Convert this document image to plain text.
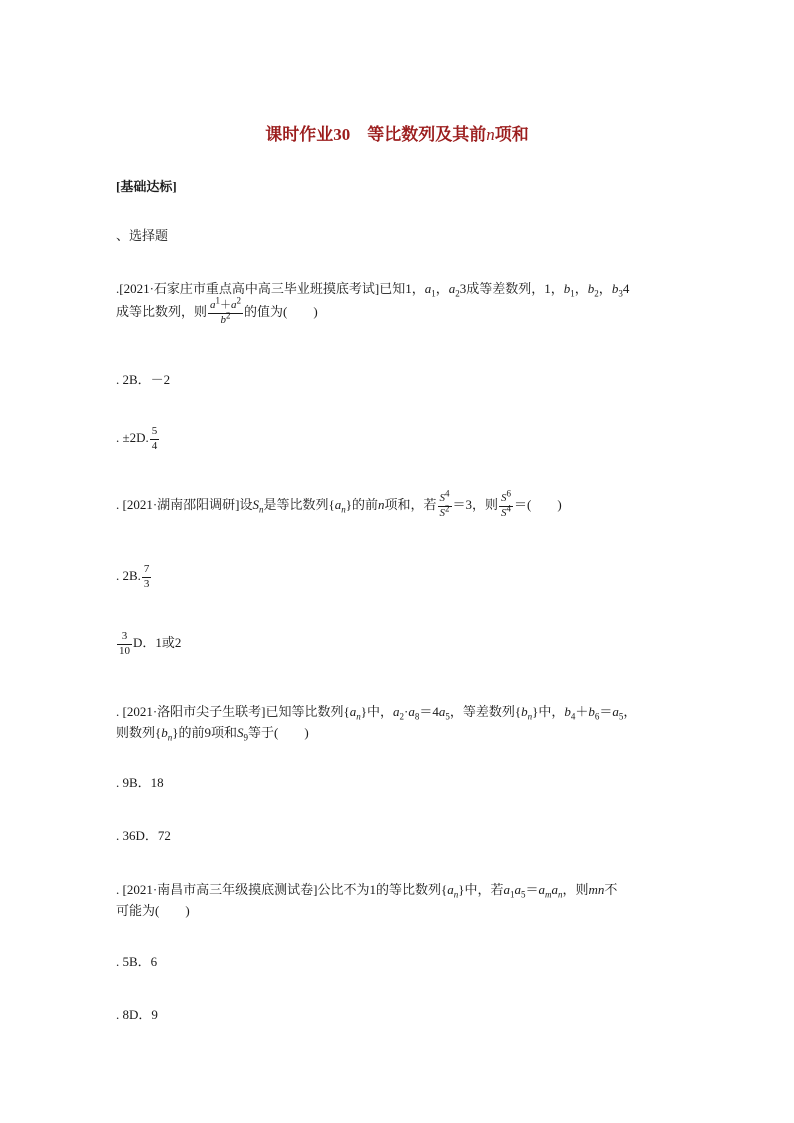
课时作业30　等比数列及其前n项和
[基础达标]
、选择题
.[2021·石家庄市重点高中高三毕业班摸底考试]已知1，$a_1$，$a_23$成等差数列，1，$b_1$，$b_2$，$b_34$
成等比数列，则 $\frac{a^1+a^2}{b^2}$ 的值为(　　)
. 2B．－2
. ±2D. $\frac{5}{4}$
. [2021·湖南邵阳调研]设$S_n$是等比数列$\{a_n\}$的前n项和，若 $\frac{S^4}{S^2} =3$，则 $\frac{S^6}{S^4}$ ＝(　　)
. 2B. $\frac{7}{3}$
$\frac{3}{10}$ D．1或2
. [2021·洛阳市尖子生联考]已知等比数列$\{a_n\}$中，$a_2\cdot a_8=4a_5$，等差数列$\{b_n\}$中，$b_4+b_6=a_5$，
则数列$\{b_n\}$的前9项和$S_9$等于(　　)
. 9B．18
. 36D．72
. [2021·南昌市高三年级摸底测试卷]公比不为1的等比数列$\{a_n\}$中，若$a_1a_5=a_ma_n$，则mn不
可能为(　　)
. 5B．6
. 8D．9
